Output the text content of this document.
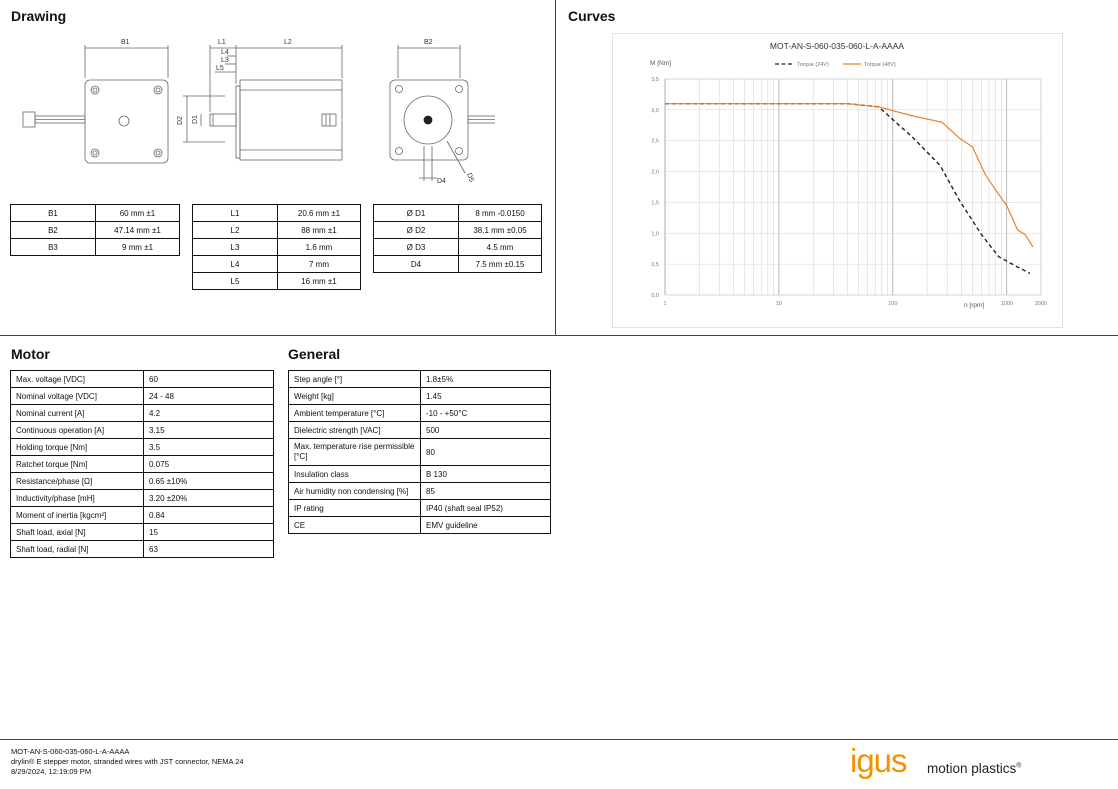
Drawing	Curves
Motor	General
B1	L1	L2
L4
L3
L5
D2 D1
B2
D4	D5
B1	60 mm ±1
B2	47.14 mm ±1
B3	9 mm ±1
L1	20.6 mm ±1
L2	88 mm ±1
L3	1.6 mm
L4	7 mm
L5	16 mm ±1
Ø D1	8 mm -0.0150
Ø D2	38.1 mm ±0.05
Ø D3	4.5 mm
D4	7.5 mm ±0.15
MOT-AN-S-060-035-060-L-A-AAAA
M [Nm]
n [rpm]
Torque (24V)	Torque (48V)
0,0
0,5
1,0
1,5
2,0
2,5
3,0
3,5
1	10	100	1000	2000
Max. voltage [VDC]	60
Nominal voltage [VDC]	24 - 48
Nominal current [A]	4.2
Continuous operation [A]	3.15
Holding torque [Nm]	3.5
Ratchet torque [Nm]	0.075
Resistance/phase [Ω]	0.65 ±10%
Inductivity/phase [mH]	3.20 ±20%
Moment of inertia [kgcm²]	0.84
Shaft load, axial [N]	15
Shaft load, radial [N]	63
Step angle [°]	1.8±5%
Weight [kg]	1.45
Ambient temperature [°C]	-10 - +50°C
Dielectric strength [VAC]	500
Max. temperature rise permissible [°C]	80
Insulation class	B 130
Air humidity non condensing [%]	85
IP rating	IP40 (shaft seal IP52)
CE	EMV guideline
MOT-AN-S-060-035-060-L-A-AAAA
drylin® E stepper motor, stranded wires with JST connector, NEMA 24
8/29/2024, 12:19:09 PM	igus motion plastics®
